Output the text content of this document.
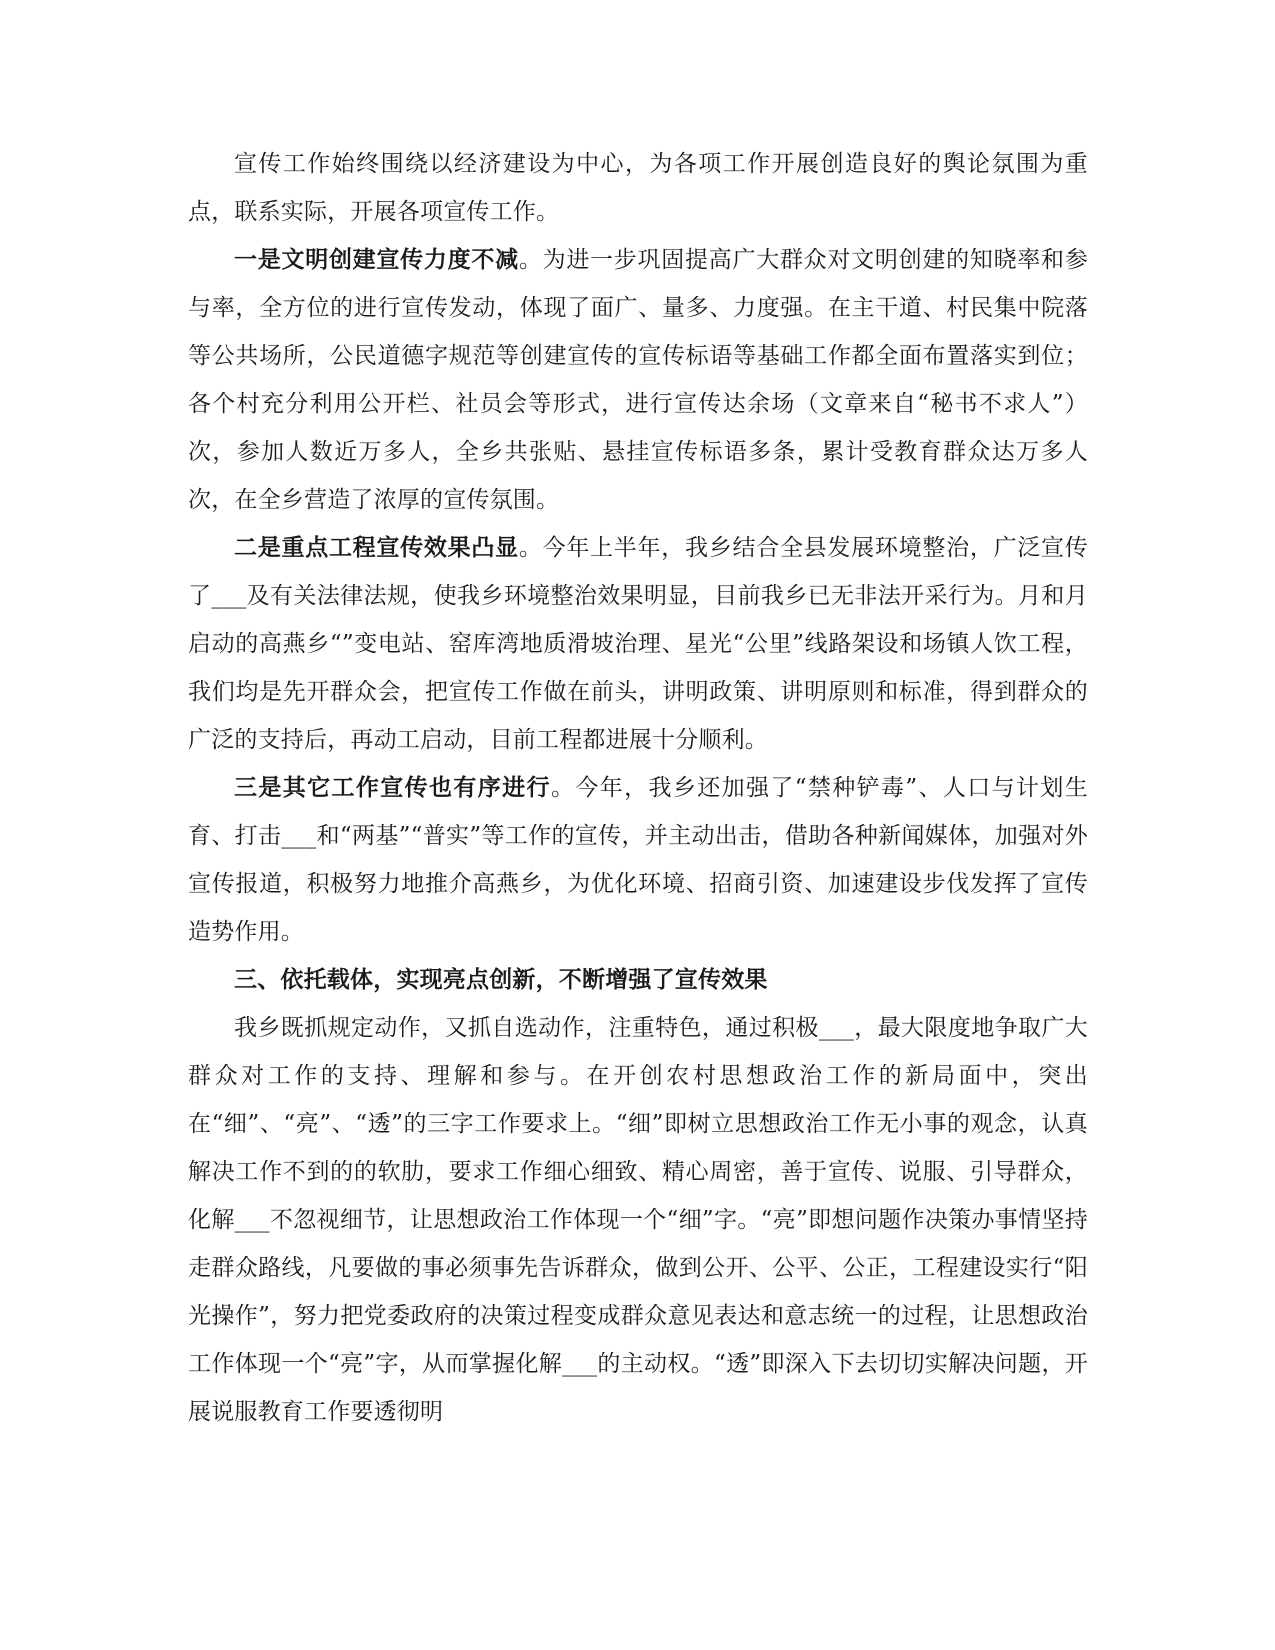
宣传工作始终围绕以经济建设为中心，为各项工作开展创造良好的舆论氛围为重点，联系实际，开展各项宣传工作。

一是文明创建宣传力度不减。为进一步巩固提高广大群众对文明创建的知晓率和参与率，全方位的进行宣传发动，体现了面广、量多、力度强。在主干道、村民集中院落等公共场所，公民道德字规范等创建宣传的宣传标语等基础工作都全面布置落实到位；各个村充分利用公开栏、社员会等形式，进行宣传达余场（文章来自“秘书不求人”）次，参加人数近万多人，全乡共张贴、悬挂宣传标语多条，累计受教育群众达万多人次，在全乡营造了浓厚的宣传氛围。

二是重点工程宣传效果凸显。今年上半年，我乡结合全县发展环境整治，广泛宣传了___及有关法律法规，使我乡环境整治效果明显，目前我乡已无非法开采行为。月和月启动的高燕乡“”变电站、窑库湾地质滑坡治理、星光“公里”线路架设和场镇人饮工程，我们均是先开群众会，把宣传工作做在前头，讲明政策、讲明原则和标准，得到群众的广泛的支持后，再动工启动，目前工程都进展十分顺利。

三是其它工作宣传也有序进行。今年，我乡还加强了“禁种铲毒”、人口与计划生育、打击___和“两基”“普实”等工作的宣传，并主动出击，借助各种新闻媒体，加强对外宣传报道，积极努力地推介高燕乡，为优化环境、招商引资、加速建设步伐发挥了宣传造势作用。

三、依托载体，实现亮点创新，不断增强了宣传效果

我乡既抓规定动作，又抓自选动作，注重特色，通过积极___，最大限度地争取广大群众对工作的支持、理解和参与。在开创农村思想政治工作的新局面中，突出在“细”、“亮”、“透”的三字工作要求上。“细”即树立思想政治工作无小事的观念，认真解决工作不到的的软肋，要求工作细心细致、精心周密，善于宣传、说服、引导群众，化解___不忽视细节，让思想政治工作体现一个“细”字。“亮”即想问题作决策办事情坚持走群众路线，凡要做的事必须事先告诉群众，做到公开、公平、公正，工程建设实行“阳光操作”，努力把党委政府的决策过程变成群众意见表达和意志统一的过程，让思想政治工作体现一个“亮”字，从而掌握化解___的主动权。“透”即深入下去切切实解决问题，开展说服教育工作要透彻明
